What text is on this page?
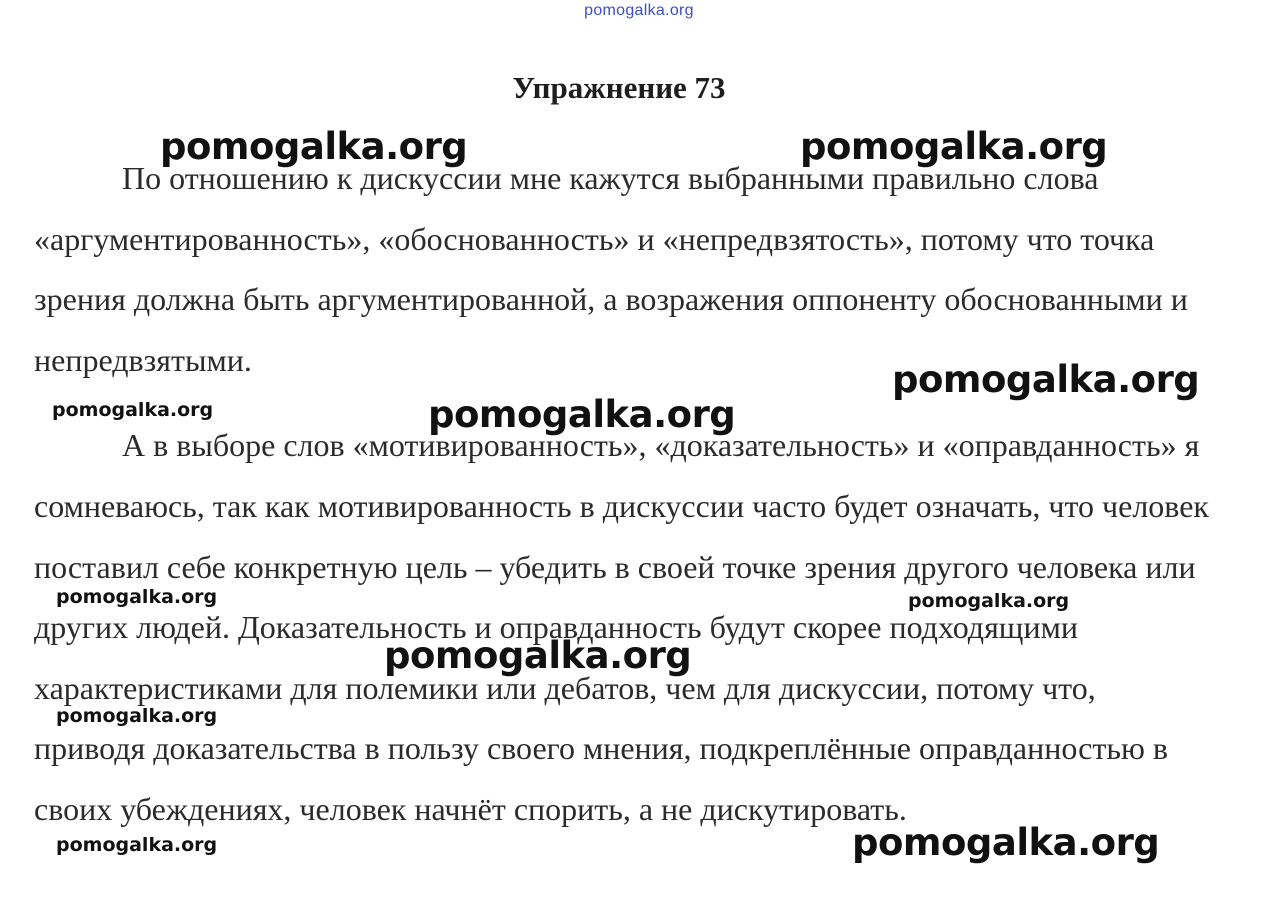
pomogalka.org
Упражнение 73

По отношению к дискуссии мне кажутся выбранными правильно слова «аргументированность», «обоснованность» и «непредвзятость», потому что точка зрения должна быть аргументированной, а возражения оппоненту обоснованными и непредвзятыми.

А в выборе слов «мотивированность», «доказательность» и «оправданность» я сомневаюсь, так как мотивированность в дискуссии часто будет означать, что человек поставил себе конкретную цель – убедить в своей точке зрения другого человека или других людей. Доказательность и оправданность будут скорее подходящими характеристиками для полемики или дебатов, чем для дискуссии, потому что, приводя доказательства в пользу своего мнения, подкреплённые оправданностью в своих убеждениях, человек начнёт спорить, а не дискутировать.

pomogalka.org	pomogalka.org
pomogalka.org
pomogalka.org	pomogalka.org
pomogalka.org	pomogalka.org
pomogalka.org
pomogalka.org
pomogalka.org	pomogalka.org
